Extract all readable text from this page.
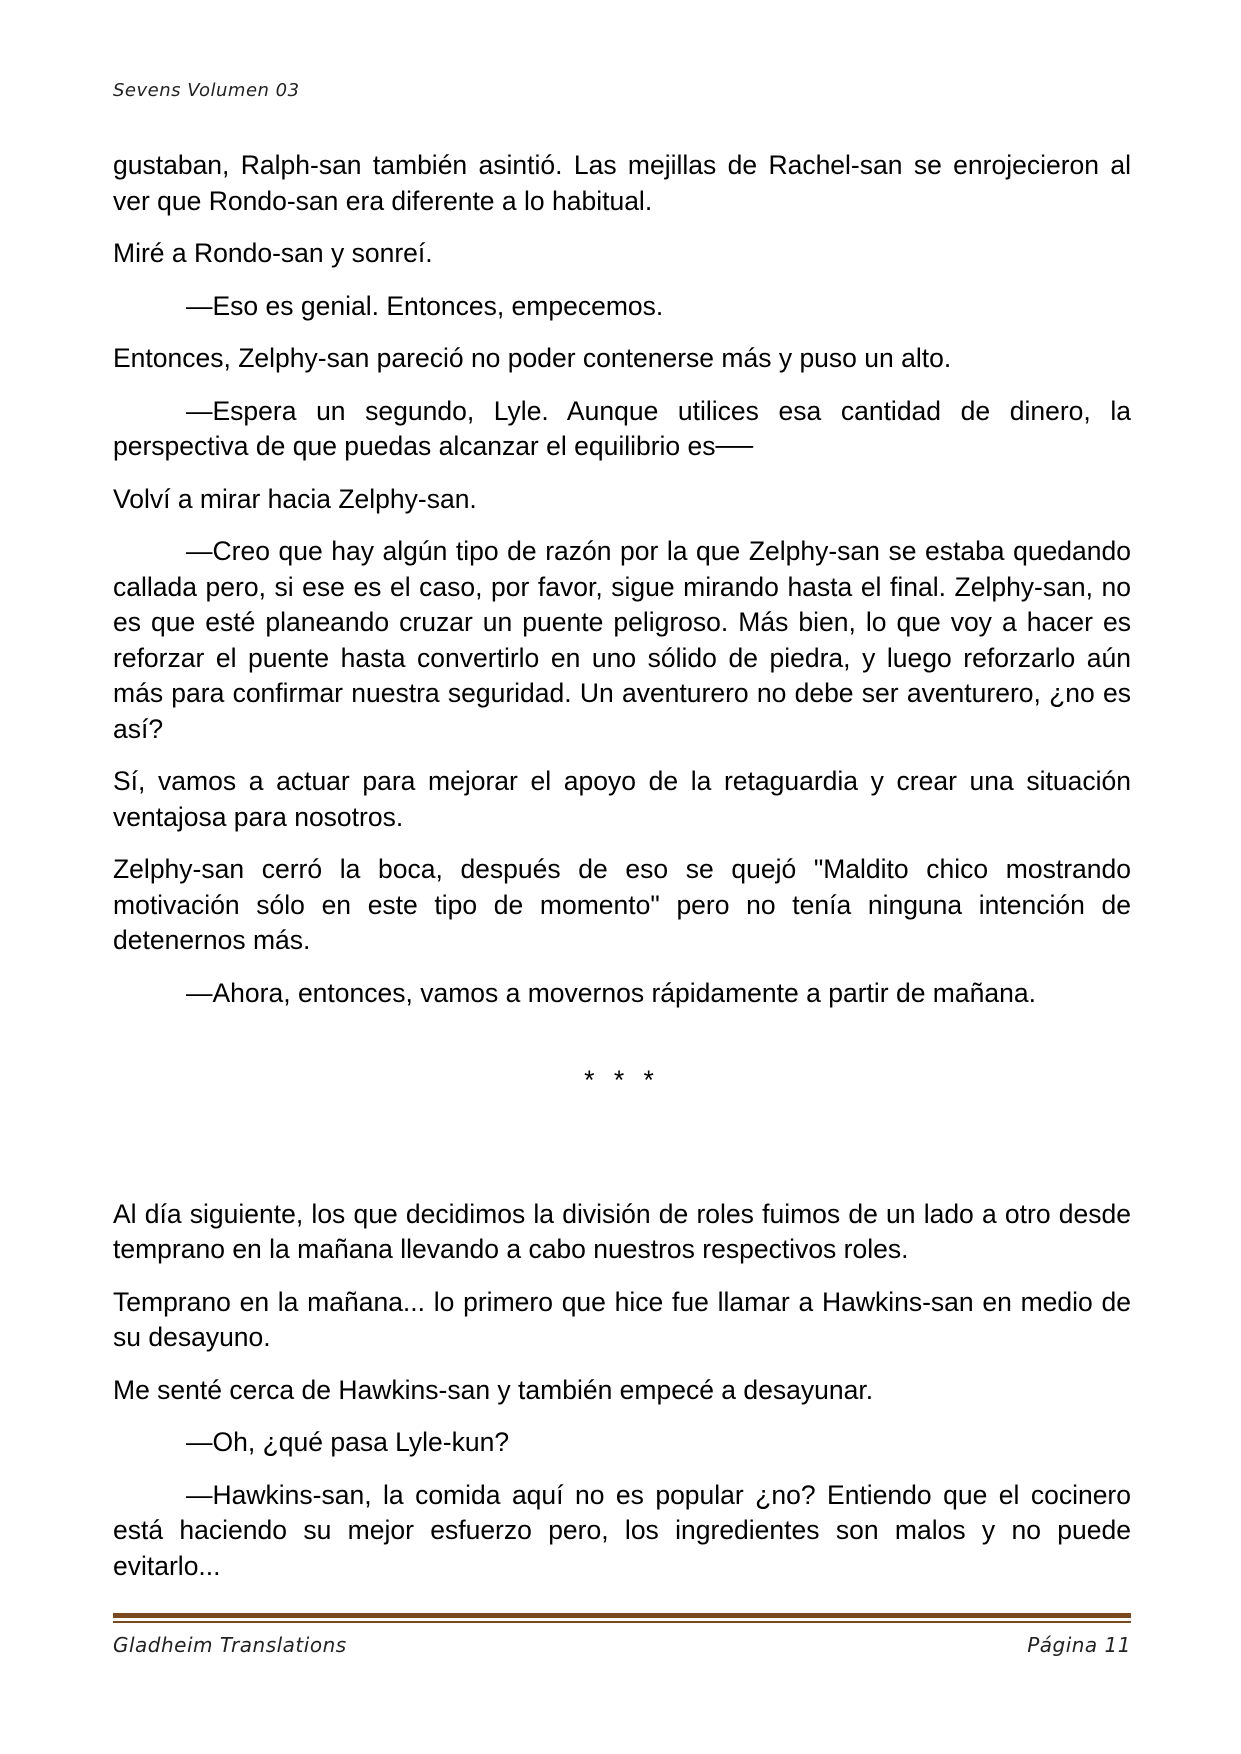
Sevens Volumen 03

gustaban, Ralph-san también asintió. Las mejillas de Rachel-san se enrojecieron al ver que Rondo-san era diferente a lo habitual.

Miré a Rondo-san y sonreí.

—Eso es genial. Entonces, empecemos.

Entonces, Zelphy-san pareció no poder contenerse más y puso un alto.

—Espera un segundo, Lyle. Aunque utilices esa cantidad de dinero, la perspectiva de que puedas alcanzar el equilibrio es──

Volví a mirar hacia Zelphy-san.

—Creo que hay algún tipo de razón por la que Zelphy-san se estaba quedando callada pero, si ese es el caso, por favor, sigue mirando hasta el final. Zelphy-san, no es que esté planeando cruzar un puente peligroso. Más bien, lo que voy a hacer es reforzar el puente hasta convertirlo en uno sólido de piedra, y luego reforzarlo aún más para confirmar nuestra seguridad. Un aventurero no debe ser aventurero, ¿no es así?

Sí, vamos a actuar para mejorar el apoyo de la retaguardia y crear una situación ventajosa para nosotros.

Zelphy-san cerró la boca, después de eso se quejó "Maldito chico mostrando motivación sólo en este tipo de momento" pero no tenía ninguna intención de detenernos más.

—Ahora, entonces, vamos a movernos rápidamente a partir de mañana.

* * *

Al día siguiente, los que decidimos la división de roles fuimos de un lado a otro desde temprano en la mañana llevando a cabo nuestros respectivos roles.

Temprano en la mañana... lo primero que hice fue llamar a Hawkins-san en medio de su desayuno.

Me senté cerca de Hawkins-san y también empecé a desayunar.

—Oh, ¿qué pasa Lyle-kun?

—Hawkins-san, la comida aquí no es popular ¿no? Entiendo que el cocinero está haciendo su mejor esfuerzo pero, los ingredientes son malos y no puede evitarlo...

Gladheim Translations	Página 11
